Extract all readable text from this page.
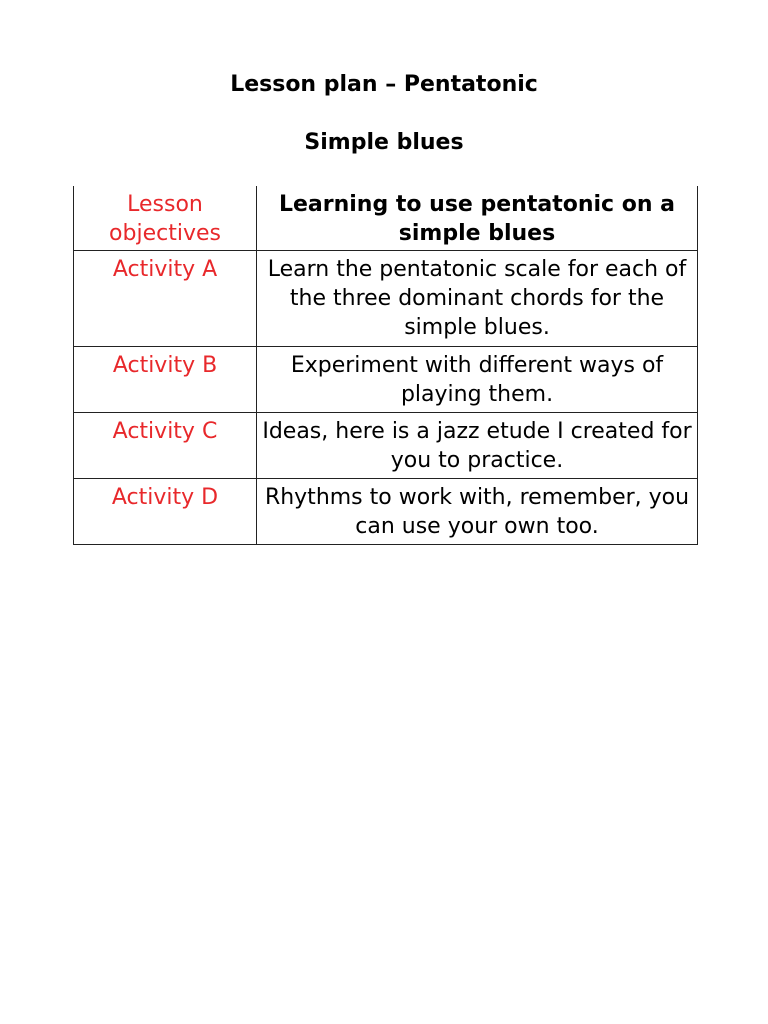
Lesson plan – Pentatonic
Simple blues
Lesson objectives	Learning to use pentatonic on a simple blues
Activity A	Learn the pentatonic scale for each of the three dominant chords for the simple blues.
Activity B	Experiment with different ways of playing them.
Activity C	Ideas, here is a jazz etude I created for you to practice.
Activity D	Rhythms to work with, remember, you can use your own too.
